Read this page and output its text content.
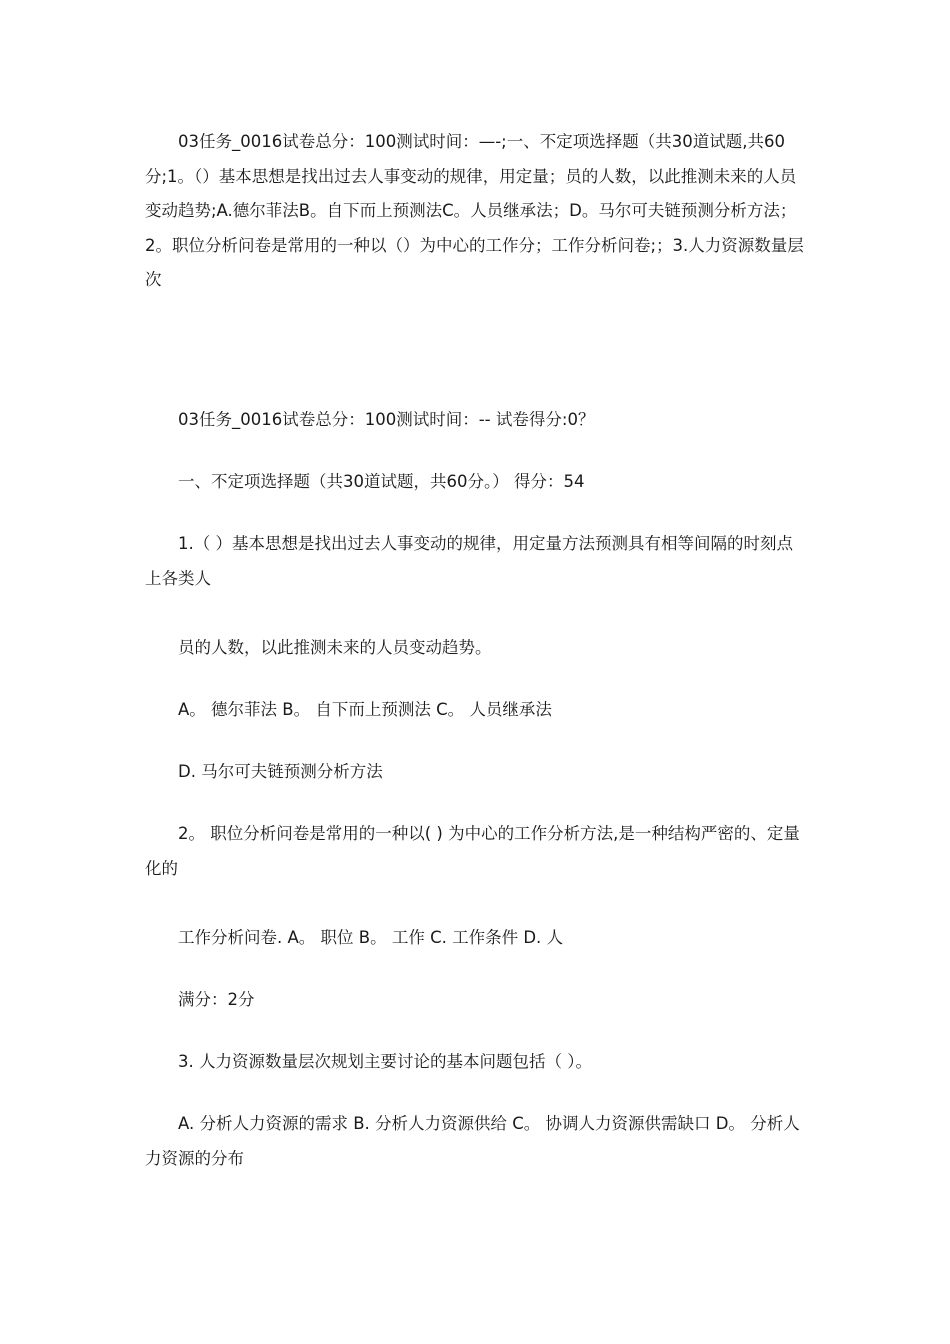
03任务_0016试卷总分：100测试时间：—-;一、不定项选择题（共30道试题,共60分;1。（）基本思想是找出过去人事变动的规律，用定量；员的人数，以此推测未来的人员变动趋势;A.德尔菲法B。自下而上预测法C。人员继承法；D。马尔可夫链预测分析方法；2。职位分析问卷是常用的一种以（）为中心的工作分；工作分析问卷;；3.人力资源数量层次

03任务_0016试卷总分：100测试时间：-- 试卷得分:0？

一、不定项选择题（共30道试题，共60分。） 得分：54

1.（ ）基本思想是找出过去人事变动的规律，用定量方法预测具有相等间隔的时刻点上各类人

员的人数，以此推测未来的人员变动趋势。

A。 德尔菲法 B。 自下而上预测法 C。 人员继承法

D. 马尔可夫链预测分析方法

2。 职位分析问卷是常用的一种以( ) 为中心的工作分析方法,是一种结构严密的、定量化的

工作分析问卷. A。 职位 B。 工作 C. 工作条件 D. 人

满分：2分

3. 人力资源数量层次规划主要讨论的基本问题包括（ ）。

A. 分析人力资源的需求 B. 分析人力资源供给 C。 协调人力资源供需缺口 D。 分析人力资源的分布
